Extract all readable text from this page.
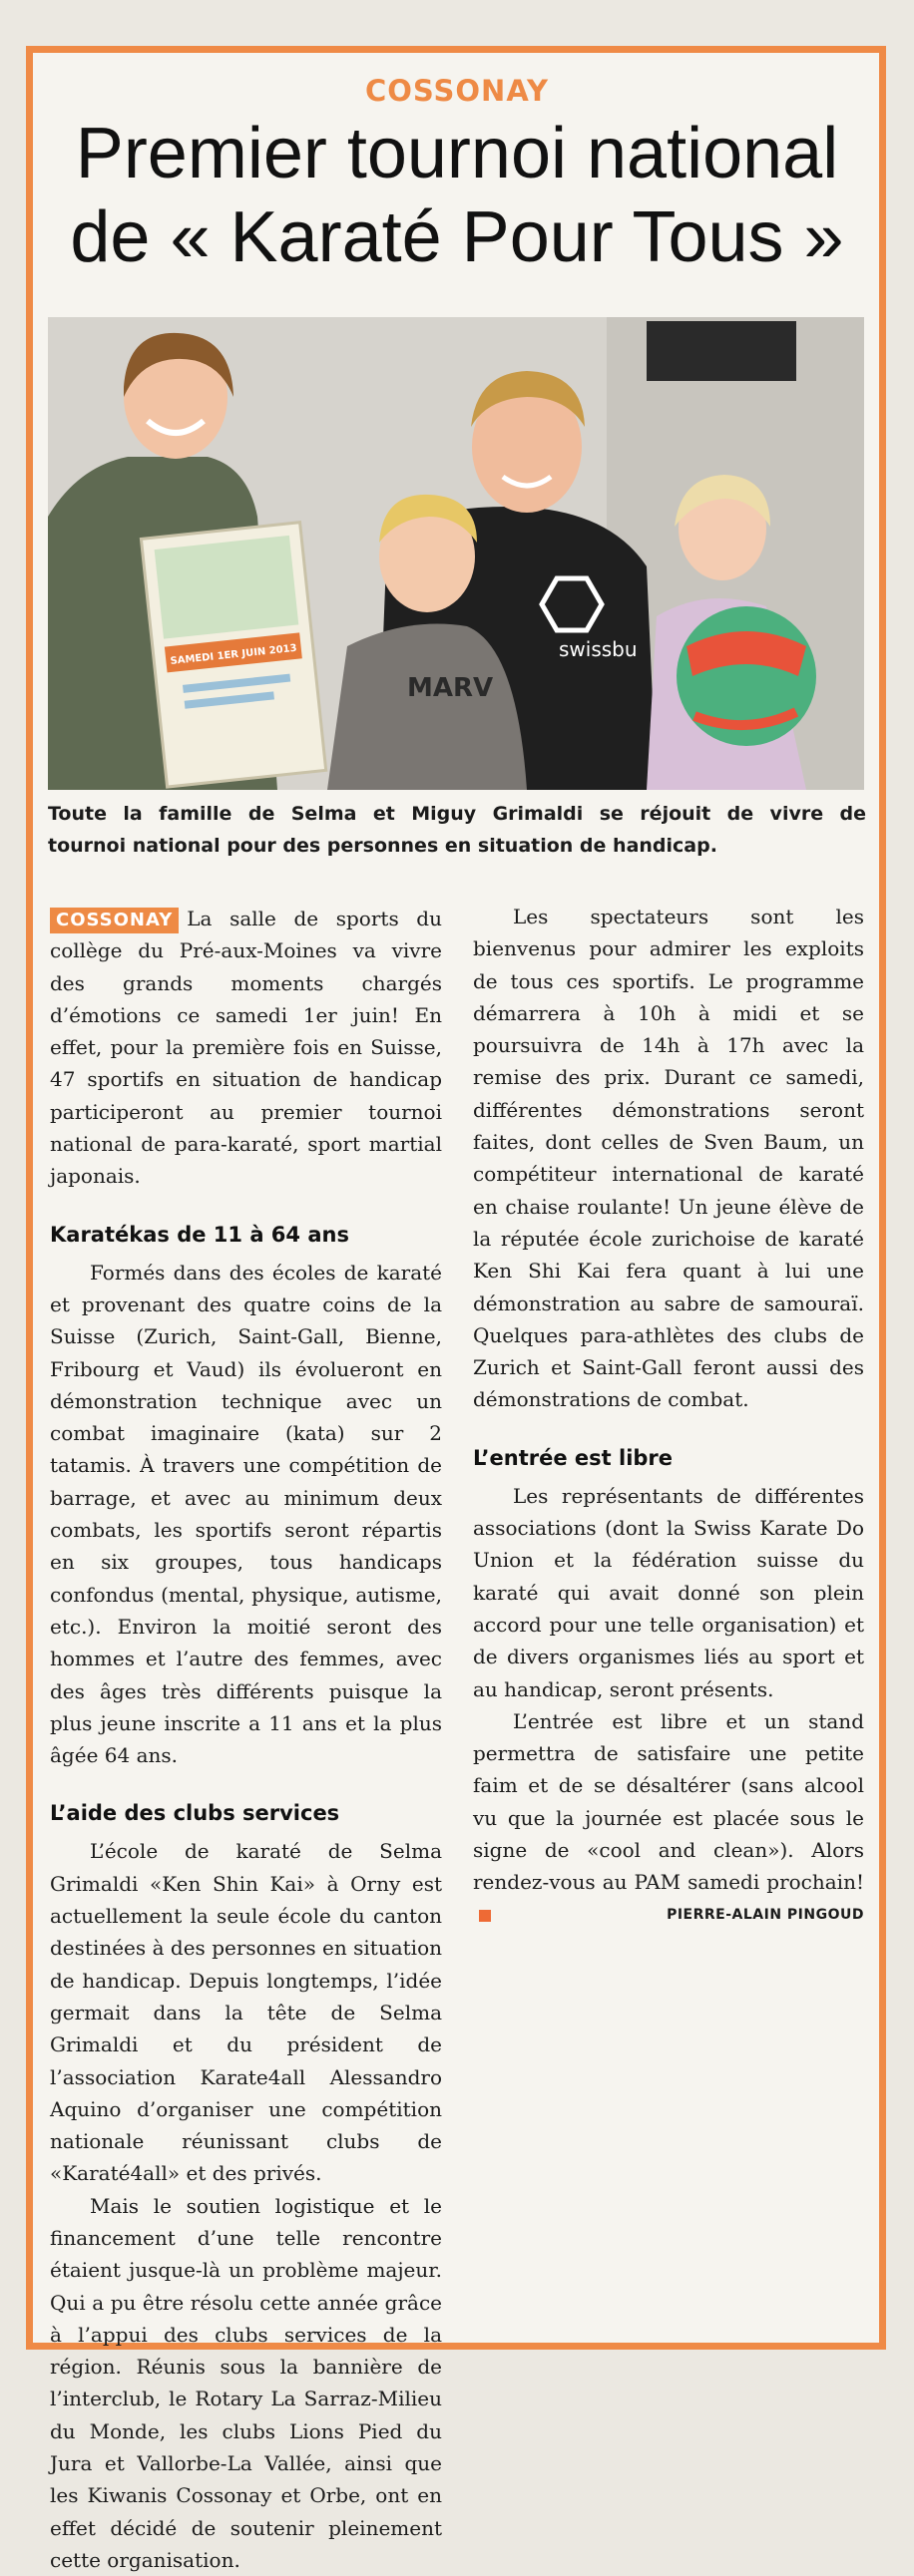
COSSONAY
Premier tournoi national
de « Karaté Pour Tous »
SAMEDI 1ER JUIN 2013	swissbu
MARV
Toute la famille de Selma et Miguy Grimaldi se réjouit de vivre de
tournoi national pour des personnes en situation de handicap.

COSSONAY La salle de sports du collège du Pré-aux-Moines va vivre des grands moments chargés d’émotions ce samedi 1er juin! En effet, pour la première fois en Suisse, 47 sportifs en situation de handicap participeront au premier tournoi national de para-karaté, sport martial japonais.

Karatékas de 11 à 64 ans

Formés dans des écoles de karaté et provenant des quatre coins de la Suisse (Zurich, Saint-Gall, Bienne, Fribourg et Vaud) ils évolueront en démonstration technique avec un combat imaginaire (kata) sur 2 tatamis. À travers une compétition de barrage, et avec au minimum deux combats, les sportifs seront répartis en six groupes, tous handicaps confondus (mental, physique, autisme, etc.). Environ la moitié seront des hommes et l’autre des femmes, avec des âges très différents puisque la plus jeune inscrite a 11 ans et la plus âgée 64 ans.

L’aide des clubs services

L’école de karaté de Selma Grimaldi «Ken Shin Kai» à Orny est actuellement la seule école du canton destinées à des personnes en situation de handicap. Depuis longtemps, l’idée germait dans la tête de Selma Grimaldi et du président de l’association Karate4all Alessandro Aquino d’organiser une compétition nationale réunissant clubs de «Karaté4all» et des privés.

Mais le soutien logistique et le financement d’une telle rencontre étaient jusque-là un problème majeur. Qui a pu être résolu cette année grâce à l’appui des clubs services de la région. Réunis sous la bannière de l’interclub, le Rotary La Sarraz-Milieu du Monde, les clubs Lions Pied du Jura et Vallorbe-La Vallée, ainsi que les Kiwanis Cossonay et Orbe, ont en effet décidé de soutenir pleinement cette organisation.

Les spectateurs sont les bienvenus pour admirer les exploits de tous ces sportifs. Le programme démarrera à 10h à midi et se poursuivra de 14h à 17h avec la remise des prix. Durant ce samedi, différentes démonstrations seront faites, dont celles de Sven Baum, un compétiteur international de karaté en chaise roulante! Un jeune élève de la réputée école zurichoise de karaté Ken Shi Kai fera quant à lui une démonstration au sabre de samouraï. Quelques para-athlètes des clubs de Zurich et Saint-Gall feront aussi des démonstrations de combat.

L’entrée est libre

Les représentants de différentes associations (dont la Swiss Karate Do Union et la fédération suisse du karaté qui avait donné son plein accord pour une telle organisation) et de divers organismes liés au sport et au handicap, seront présents.

L’entrée est libre et un stand permettra de satisfaire une petite faim et de se désaltérer (sans alcool vu que la journée est placée sous le signe de «cool and clean»). Alors rendez-vous au PAM samedi prochain!

PIERRE-ALAIN PINGOUD
